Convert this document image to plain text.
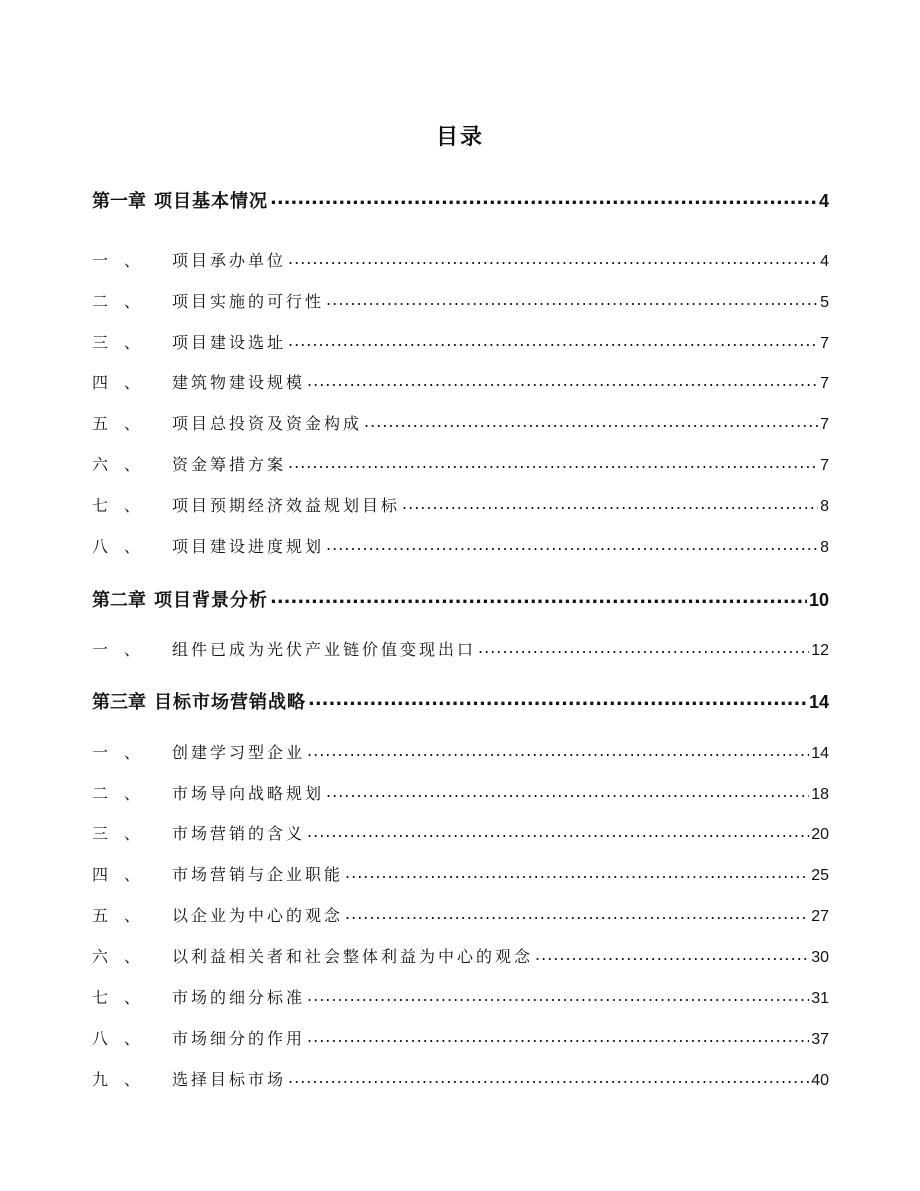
目录
第一章 项目基本情况 .....	4
一 、	项目承办单位 .....	4
二 、	项目实施的可行性 .....	5
三 、	项目建设选址 .....	7
四 、	建筑物建设规模 .....	7
五 、	项目总投资及资金构成 .....	7
六 、	资金筹措方案 .....	7
七 、	项目预期经济效益规划目标 .....	8
八 、	项目建设进度规划 .....	8
第二章 项目背景分析 .....	10
一 、	组件已成为光伏产业链价值变现出口 .....	12
第三章 目标市场营销战略 .....	14
一 、	创建学习型企业 .....	14
二 、	市场导向战略规划 .....	18
三 、	市场营销的含义 .....	20
四 、	市场营销与企业职能 .....	25
五 、	以企业为中心的观念 .....	27
六 、	以利益相关者和社会整体利益为中心的观念 .....	30
七 、	市场的细分标准 .....	31
八 、	市场细分的作用 .....	37
九 、	选择目标市场 .....	40
